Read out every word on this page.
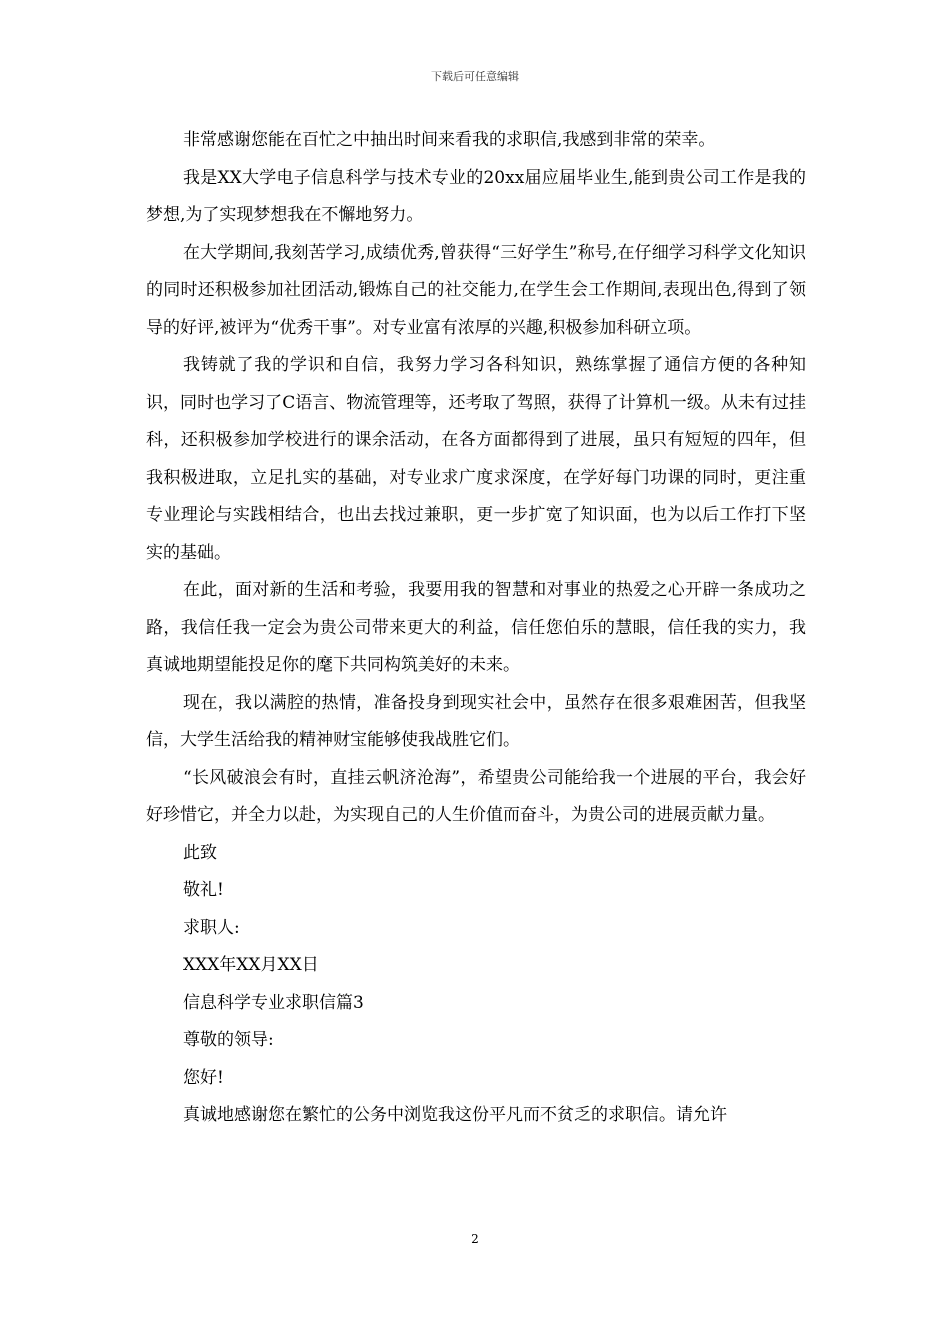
下载后可任意编辑

非常感谢您能在百忙之中抽出时间来看我的求职信,我感到非常的荣幸。

我是XX大学电子信息科学与技术专业的20xx届应届毕业生,能到贵公司工作是我的梦想,为了实现梦想我在不懈地努力。

在大学期间,我刻苦学习,成绩优秀,曾获得“三好学生”称号,在仔细学习科学文化知识的同时还积极参加社团活动,锻炼自己的社交能力,在学生会工作期间,表现出色,得到了领导的好评,被评为“优秀干事”。对专业富有浓厚的兴趣,积极参加科研立项。

我铸就了我的学识和自信，我努力学习各科知识，熟练掌握了通信方便的各种知识，同时也学习了C语言、物流管理等，还考取了驾照，获得了计算机一级。从未有过挂科，还积极参加学校进行的课余活动，在各方面都得到了进展，虽只有短短的四年，但我积极进取，立足扎实的基础，对专业求广度求深度，在学好每门功课的同时，更注重专业理论与实践相结合，也出去找过兼职，更一步扩宽了知识面，也为以后工作打下坚实的基础。

在此，面对新的生活和考验，我要用我的智慧和对事业的热爱之心开辟一条成功之路，我信任我一定会为贵公司带来更大的利益，信任您伯乐的慧眼，信任我的实力，我真诚地期望能投足你的麾下共同构筑美好的未来。

现在，我以满腔的热情，准备投身到现实社会中，虽然存在很多艰难困苦，但我坚信，大学生活给我的精神财宝能够使我战胜它们。

“长风破浪会有时，直挂云帆济沧海”，希望贵公司能给我一个进展的平台，我会好好珍惜它，并全力以赴，为实现自己的人生价值而奋斗，为贵公司的进展贡献力量。

此致

敬礼!

求职人:

XXX年XX月XX日

信息科学专业求职信篇3

尊敬的领导:

您好!

真诚地感谢您在繁忙的公务中浏览我这份平凡而不贫乏的求职信。请允许

2
